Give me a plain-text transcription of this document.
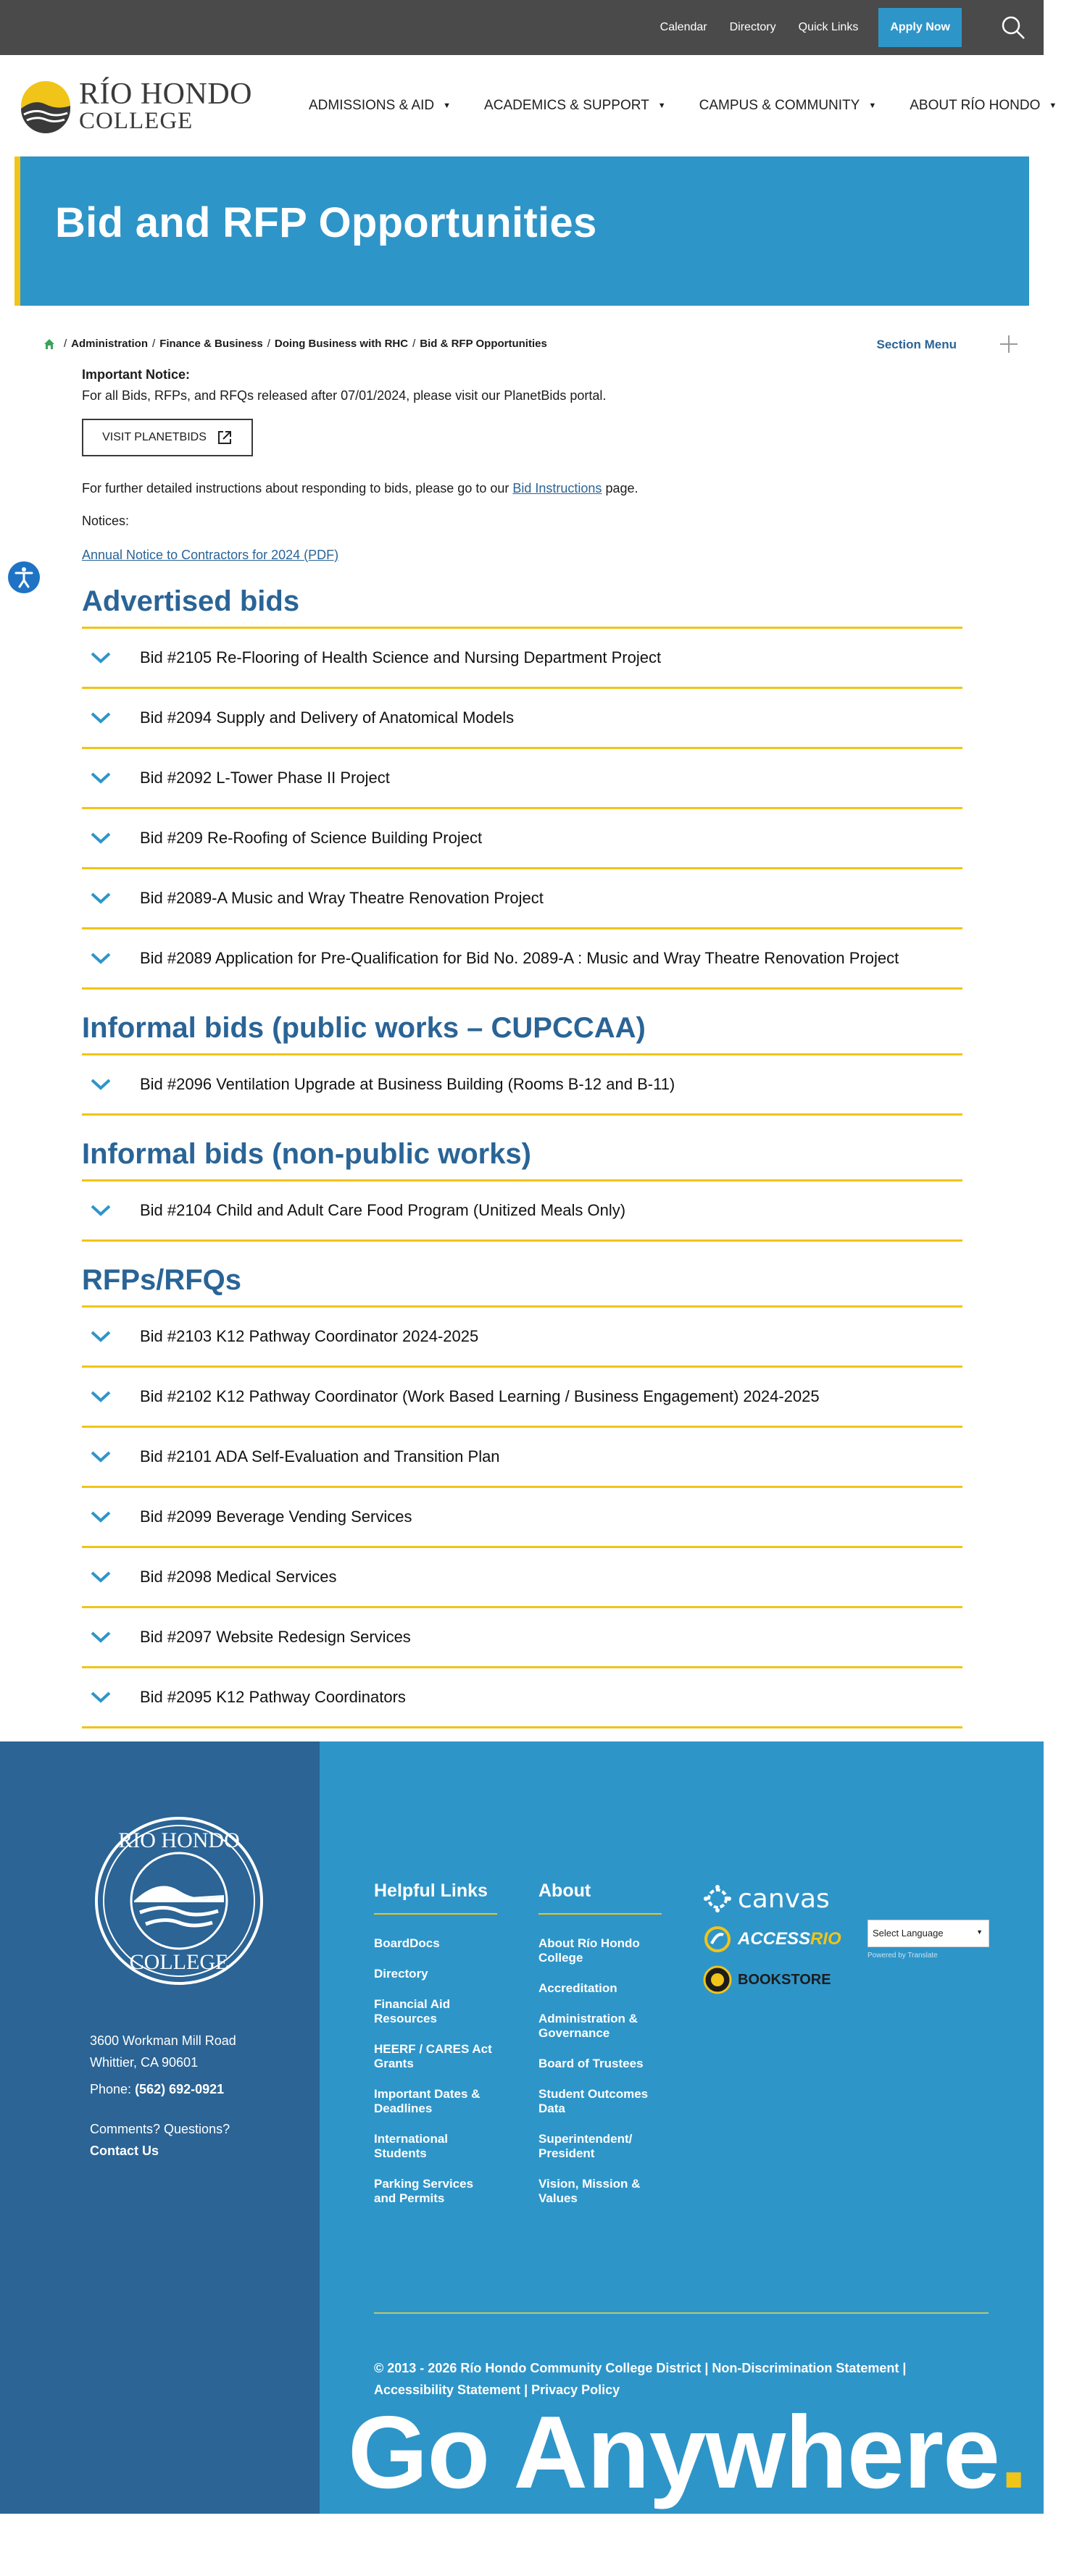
Calendar Directory Quick Links	Apply Now
RÍO HONDO
COLLEGE
ADMISSIONS & AID ▼ ACADEMICS & SUPPORT ▼ CAMPUS & COMMUNITY ▼ ABOUT RÍO HONDO ▼
Bid and RFP Opportunities
/ Administration / Finance & Business / Doing Business with RHC / Bid & RFP Opportunities	Section Menu
Important Notice:
For all Bids, RFPs, and RFQs released after 07/01/2024, please visit our PlanetBids portal.
VISIT PLANETBIDS
For further detailed instructions about responding to bids, please go to our Bid Instructions page.
Notices:
Annual Notice to Contractors for 2024 (PDF)
Advertised bids
Bid #2105 Re-Flooring of Health Science and Nursing Department Project
Bid #2094 Supply and Delivery of Anatomical Models
Bid #2092 L-Tower Phase II Project
Bid #209 Re-Roofing of Science Building Project
Bid #2089-A Music and Wray Theatre Renovation Project
Bid #2089 Application for Pre-Qualification for Bid No. 2089-A : Music and Wray Theatre Renovation Project
Informal bids (public works – CUPCCAA)
Bid #2096 Ventilation Upgrade at Business Building (Rooms B-12 and B-11)
Informal bids (non-public works)
Bid #2104 Child and Adult Care Food Program (Unitized Meals Only)
RFPs/RFQs
Bid #2103 K12 Pathway Coordinator 2024-2025
Bid #2102 K12 Pathway Coordinator (Work Based Learning / Business Engagement) 2024-2025
Bid #2101 ADA Self-Evaluation and Transition Plan
Bid #2099 Beverage Vending Services
Bid #2098 Medical Services
Bid #2097 Website Redesign Services
Bid #2095 K12 Pathway Coordinators
RÍO HONDO
COLLEGE
3600 Workman Mill Road
Whittier, CA 90601
Phone: (562) 692-0921
Comments? Questions?
Contact Us
Helpful Links
BoardDocs
Directory
Financial Aid Resources
HEERF / CARES Act Grants
Important Dates & Deadlines
International Students
Parking Services and Permits
About
About Río Hondo College
Accreditation
Administration & Governance
Board of Trustees
Student Outcomes Data
Superintendent/ President
Vision, Mission & Values
canvas
ACCESSRIO
BOOKSTORE
Select Language	▼
Powered by Translate
© 2013 - 2026 Río Hondo Community College District | Non-Discrimination Statement |
Accessibility Statement | Privacy Policy
Go Anywhere.
